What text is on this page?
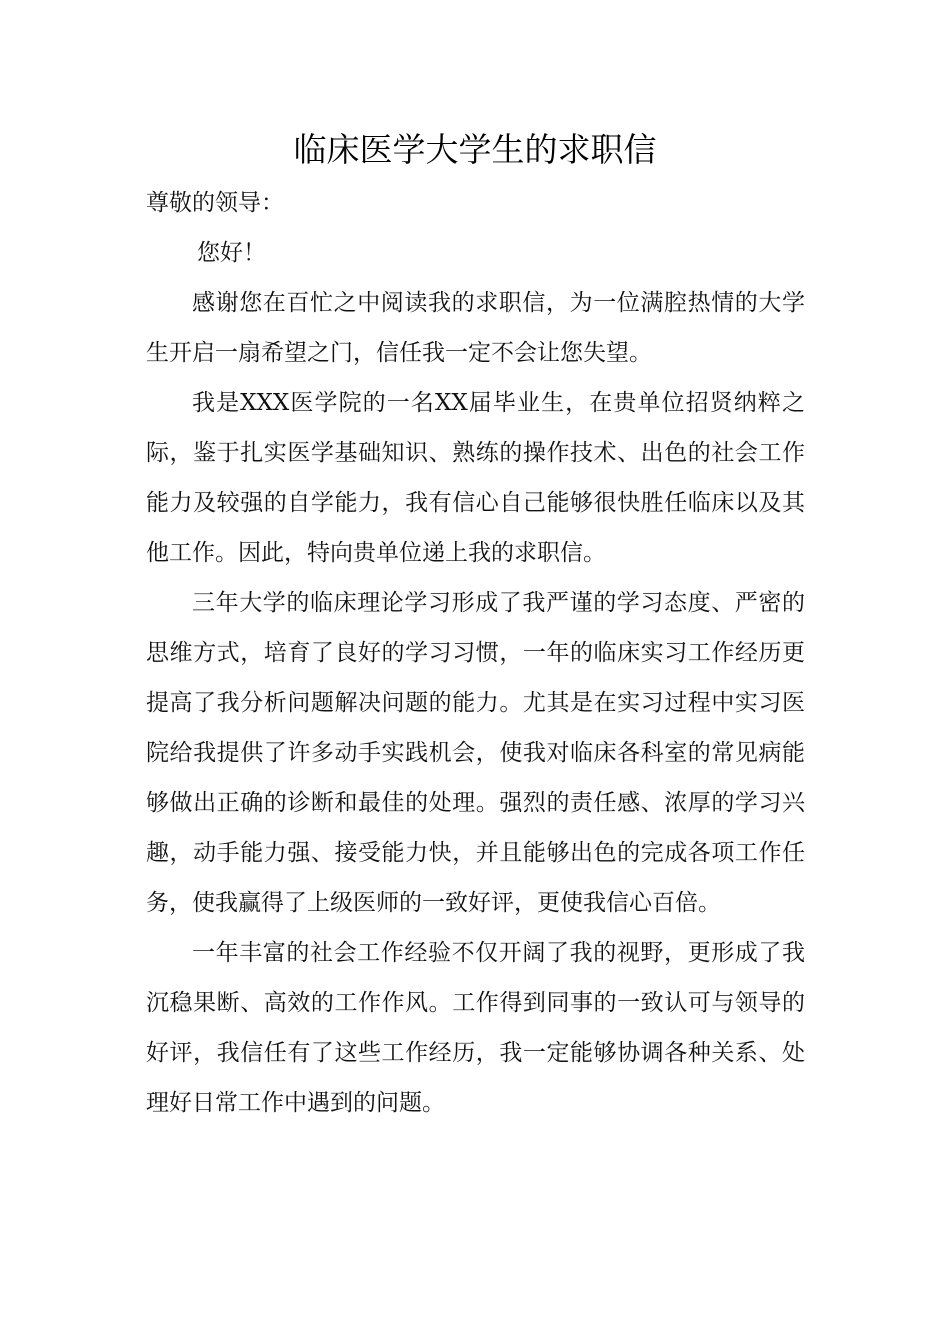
临床医学大学生的求职信

尊敬的领导：

您好！

感谢您在百忙之中阅读我的求职信，为一位满腔热情的大学生开启一扇希望之门，信任我一定不会让您失望。

我是XXX医学院的一名XX届毕业生，在贵单位招贤纳粹之际，鉴于扎实医学基础知识、熟练的操作技术、出色的社会工作能力及较强的自学能力，我有信心自己能够很快胜任临床以及其他工作。因此，特向贵单位递上我的求职信。

三年大学的临床理论学习形成了我严谨的学习态度、严密的思维方式，培育了良好的学习习惯，一年的临床实习工作经历更提高了我分析问题解决问题的能力。尤其是在实习过程中实习医院给我提供了许多动手实践机会，使我对临床各科室的常见病能够做出正确的诊断和最佳的处理。强烈的责任感、浓厚的学习兴趣，动手能力强、接受能力快，并且能够出色的完成各项工作任务，使我赢得了上级医师的一致好评，更使我信心百倍。

一年丰富的社会工作经验不仅开阔了我的视野，更形成了我沉稳果断、高效的工作作风。工作得到同事的一致认可与领导的好评，我信任有了这些工作经历，我一定能够协调各种关系、处理好日常工作中遇到的问题。
